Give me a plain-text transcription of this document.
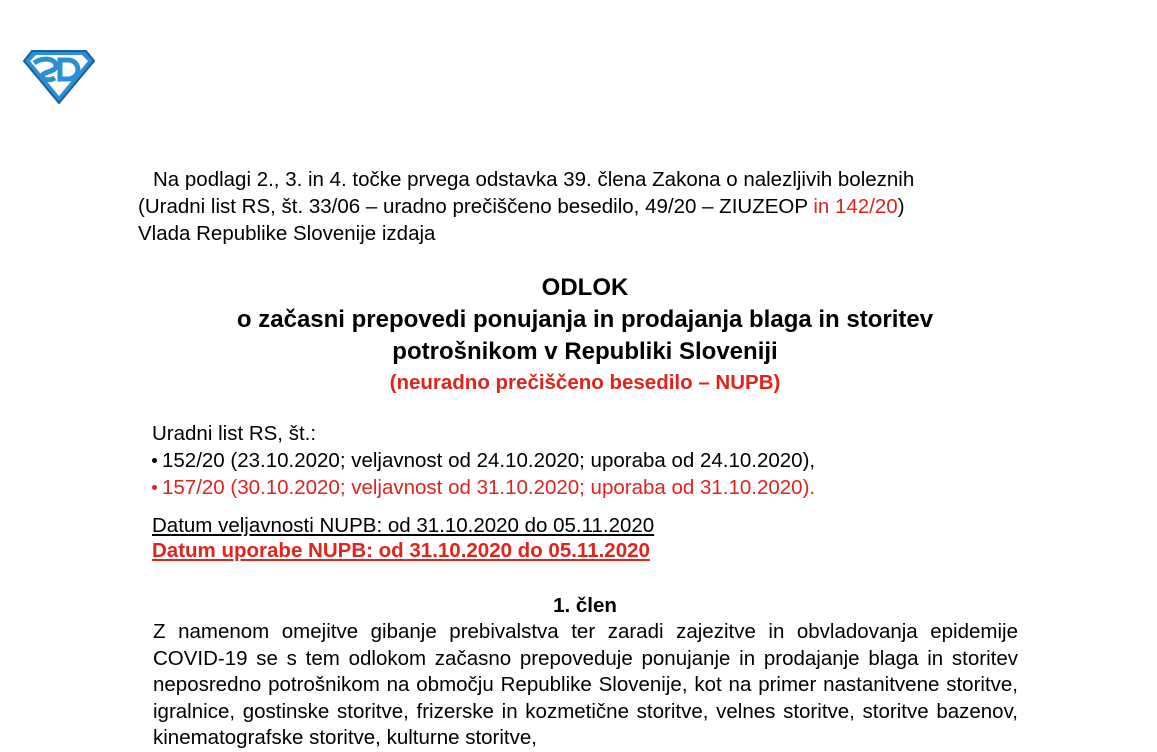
Na podlagi 2., 3. in 4. točke prvega odstavka 39. člena Zakona o nalezljivih boleznih
(Uradni list RS, št. 33/06 – uradno prečiščeno besedilo, 49/20 – ZIUZEOP in 142/20)
Vlada Republike Slovenije izdaja
ODLOK
o začasni prepovedi ponujanja in prodajanja blaga in storitev
potrošnikom v Republiki Sloveniji
(neuradno prečiščeno besedilo – NUPB)
Uradni list RS, št.:
152/20 (23.10.2020; veljavnost od 24.10.2020; uporaba od 24.10.2020),
157/20 (30.10.2020; veljavnost od 31.10.2020; uporaba od 31.10.2020).
Datum veljavnosti NUPB: od 31.10.2020 do 05.11.2020
Datum uporabe NUPB: od 31.10.2020 do 05.11.2020
1. člen
Z namenom omejitve gibanje prebivalstva ter zaradi zajezitve in obvladovanja epidemije COVID-19 se s tem odlokom začasno prepoveduje ponujanje in prodajanje blaga in storitev neposredno potrošnikom na območju Republike Slovenije, kot na primer nastanitvene storitve, igralnice, gostinske storitve, frizerske in kozmetične storitve, velnes storitve, storitve bazenov, kinematografske storitve, kulturne storitve,
